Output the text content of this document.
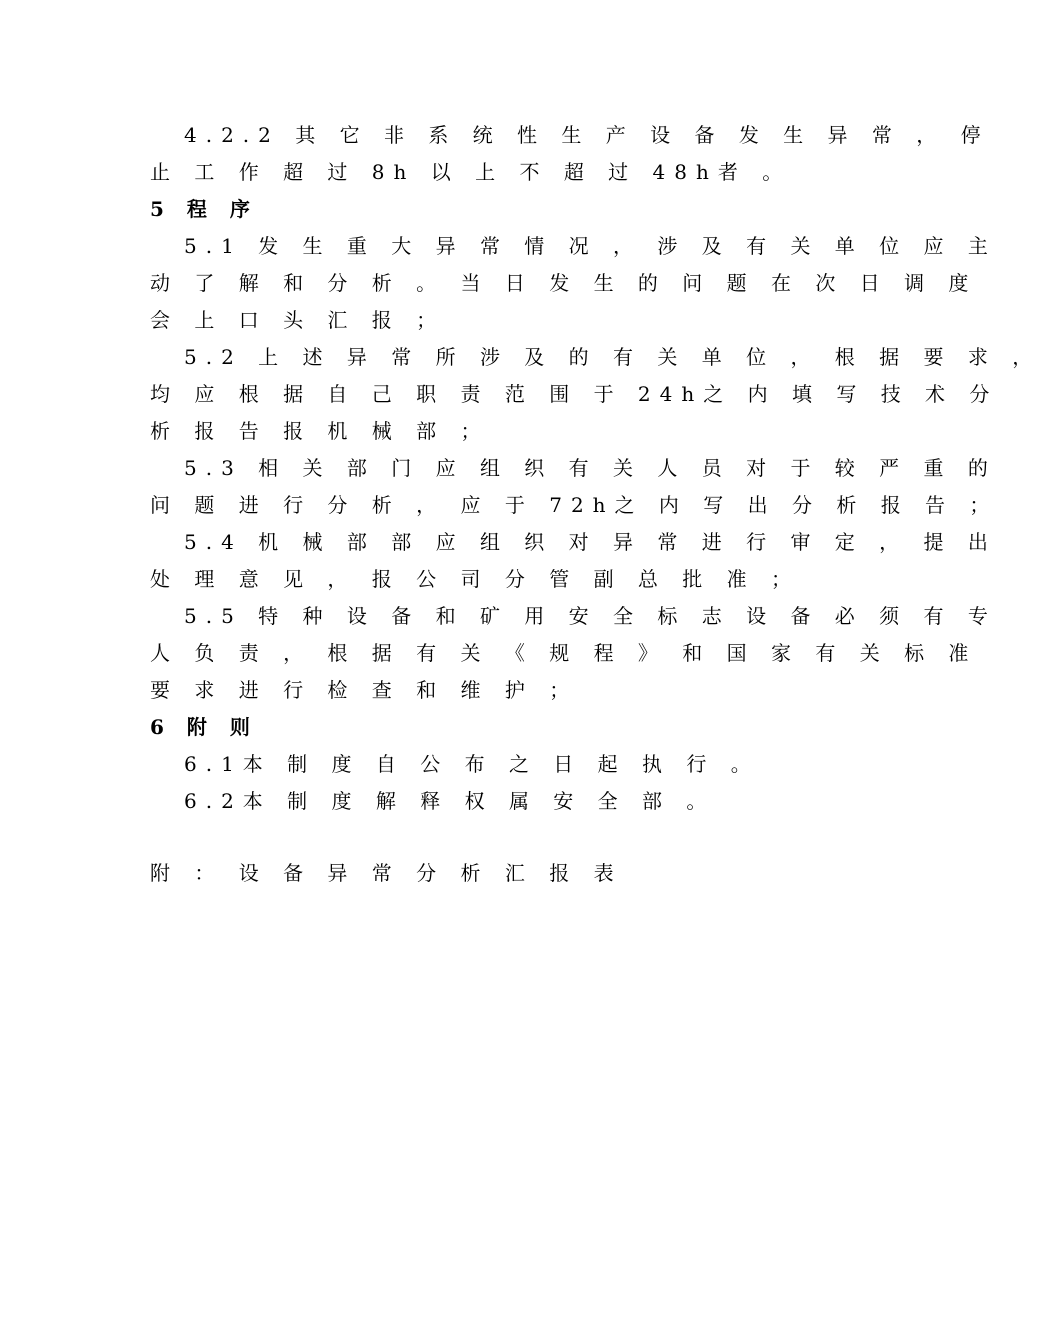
4.2.2 其 它 非 系 统 性 生 产 设 备 发 生 异 常 ， 停
止 工 作 超 过 8h 以 上 不 超 过 48h者 。
5 程 序
5.1 发 生 重 大 异 常 情 况 ， 涉 及 有 关 单 位 应 主
动 了 解 和 分 析 。 当 日 发 生 的 问 题 在 次 日 调 度
会 上 口 头 汇 报 ；
5.2 上 述 异 常 所 涉 及 的 有 关 单 位 ， 根 据 要 求 ，
均 应 根 据 自 己 职 责 范 围 于 24h之 内 填 写 技 术 分
析 报 告 报 机 械 部 ；
5.3 相 关 部 门 应 组 织 有 关 人 员 对 于 较 严 重 的
问 题 进 行 分 析 ， 应 于 72h之 内 写 出 分 析 报 告 ；
5.4 机 械 部 部 应 组 织 对 异 常 进 行 审 定 ， 提 出
处 理 意 见 ， 报 公 司 分 管 副 总 批 准 ；
5.5 特 种 设 备 和 矿 用 安 全 标 志 设 备 必 须 有 专
人 负 责 ， 根 据 有 关 《 规 程 》 和 国 家 有 关 标 准
要 求 进 行 检 查 和 维 护 ；
6 附 则
6.1本 制 度 自 公 布 之 日 起 执 行 。
6.2本 制 度 解 释 权 属 安 全 部 。
附 ： 设 备 异 常 分 析 汇 报 表
